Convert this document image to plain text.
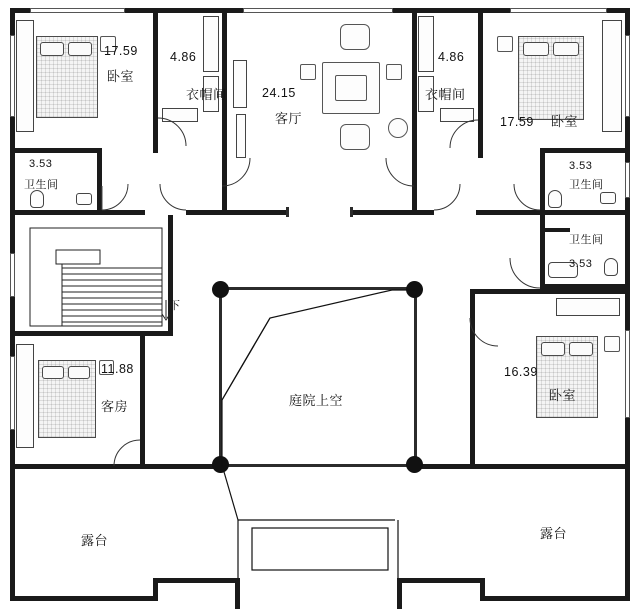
17.59
卧室
4.86
衣帽间	24.15
客厅
4.86
衣帽间
17.59 卧室
3.53
卫生间
3.53
卫生间
卫生间
3.53
11.88
客房
16.39
卧室
庭院上空
露台	露台
下
